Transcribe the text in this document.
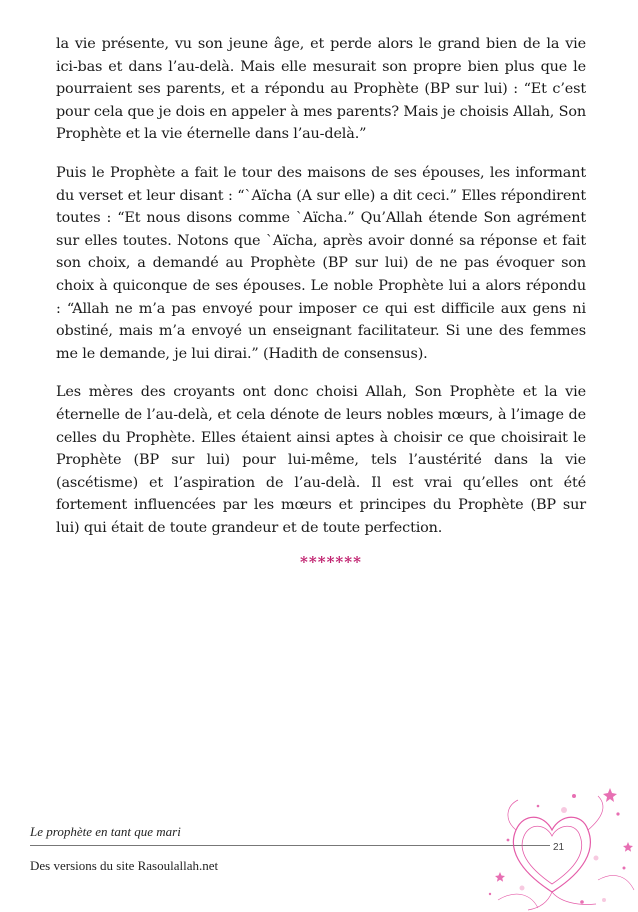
la vie présente, vu son jeune âge, et perde alors le grand bien de la vie ici-bas et dans l’au-delà. Mais elle mesurait son propre bien plus que le pourraient ses parents, et a répondu au Prophète (BP sur lui) : “Et c’est pour cela que je dois en appeler à mes parents? Mais je choisis Allah, Son Prophète et la vie éternelle dans l’au-delà.”

Puis le Prophète a fait le tour des maisons de ses épouses, les informant du verset et leur disant : “`Aïcha (A sur elle) a dit ceci.” Elles répondirent toutes : “Et nous disons comme `Aïcha.” Qu’Allah étende Son agrément sur elles toutes. Notons que `Aïcha, après avoir donné sa réponse et fait son choix, a demandé au Prophète (BP sur lui) de ne pas évoquer son choix à quiconque de ses épouses. Le noble Prophète lui a alors répondu : “Allah ne m’a pas envoyé pour imposer ce qui est difficile aux gens ni obstiné, mais m’a envoyé un enseignant facilitateur. Si une des femmes me le demande, je lui dirai.” (Hadith de consensus).

Les mères des croyants ont donc choisi Allah, Son Prophète et la vie éternelle de l’au-delà, et cela dénote de leurs nobles mœurs, à l’image de celles du Prophète. Elles étaient ainsi aptes à choisir ce que choisirait le Prophète (BP sur lui) pour lui-même, tels l’austérité dans la vie (ascétisme) et l’aspiration de l’au-delà. Il est vrai qu’elles ont été fortement influencées par les mœurs et principes du Prophète (BP sur lui) qui était de toute grandeur et de toute perfection.

*******
Le prophète en tant que mari
Des versions du site Rasoulallah.net
21
